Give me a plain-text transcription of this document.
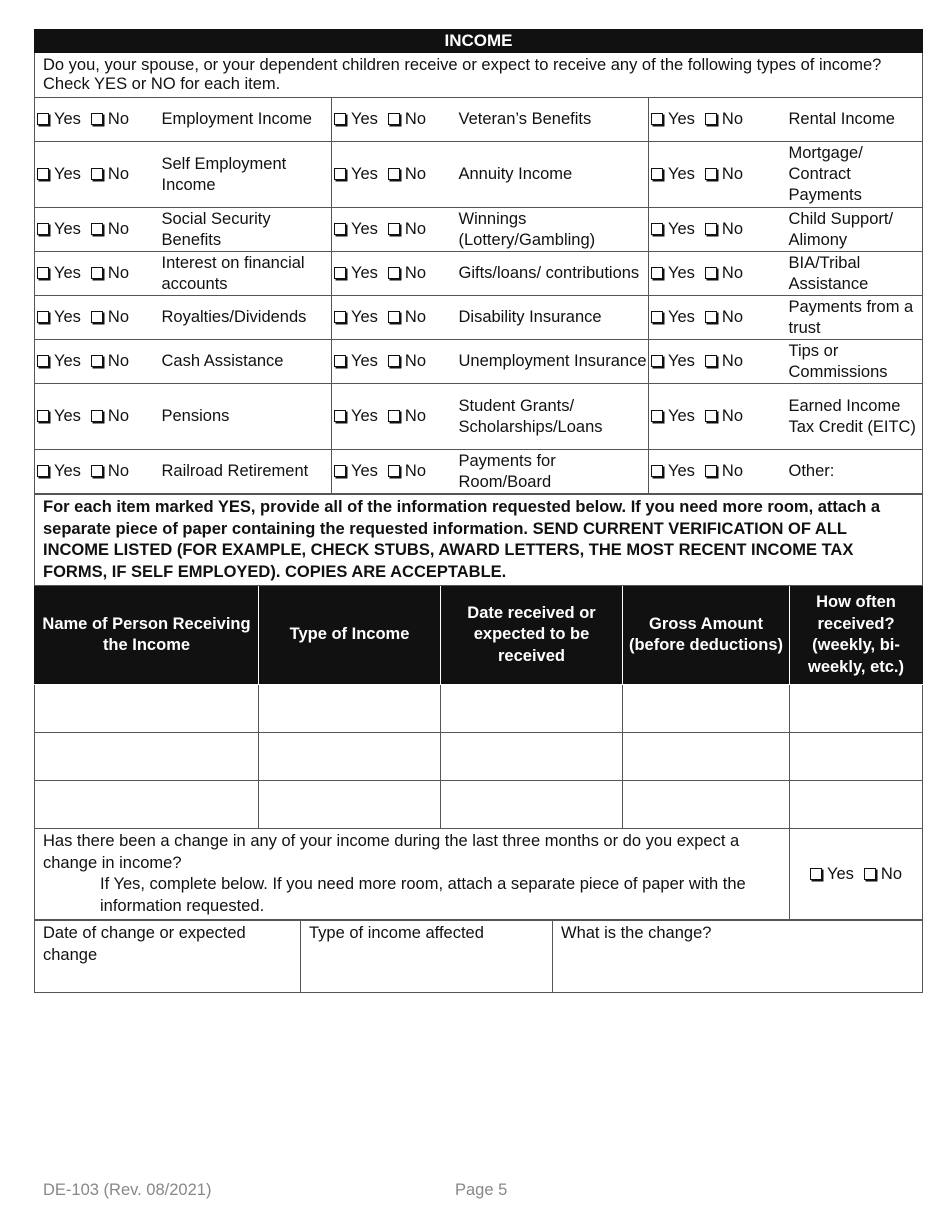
INCOME					
Do you, your spouse, or your dependent children receive or expect to receive any of the following types of income? Check YES or NO for each item.					
Yes No	Employment Income	Yes No	Veteran’s Benefits	Yes No	Rental Income
Yes No	Self Employment Income	Yes No	Annuity Income	Yes No	Mortgage/ Contract Payments
Yes No	Social Security Benefits	Yes No	Winnings (Lottery/Gambling)	Yes No	Child Support/ Alimony
Yes No	Interest on financial accounts	Yes No	Gifts/loans/ contributions	Yes No	BIA/Tribal Assistance
Yes No	Royalties/Dividends	Yes No	Disability Insurance	Yes No	Payments from a trust
Yes No	Cash Assistance	Yes No	Unemployment Insurance	Yes No	Tips or Commissions
Yes No	Pensions	Yes No	Student Grants/ Scholarships/Loans	Yes No	Earned Income Tax Credit (EITC)
Yes No	Railroad Retirement	Yes No	Payments for Room/Board	Yes No	Other:
For each item marked YES, provide all of the information requested below. If you need more room, attach a separate piece of paper containing the requested information. SEND CURRENT VERIFICATION OF ALL INCOME LISTED (FOR EXAMPLE, CHECK STUBS, AWARD LETTERS, THE MOST RECENT INCOME TAX FORMS, IF SELF EMPLOYED). COPIES ARE ACCEPTABLE.				
Name of Person Receiving the Income	Type of Income	Date received or expected to be received	Gross Amount (before deductions)	How often received? (weekly, bi-weekly, etc.)

Has there been a change in any of your income during the last three months or do you expect a change in income?
If Yes, complete below. If you need more room, attach a separate piece of paper with the information requested.				Yes No
Date of change or expected change	Type of income affected	What is the change?
DE-103 (Rev. 08/2021)	Page 5
